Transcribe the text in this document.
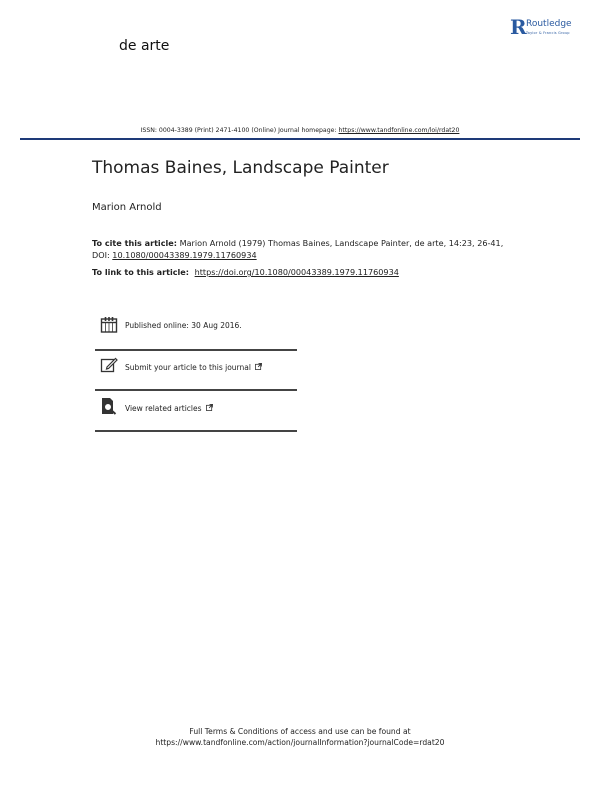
de arte
R Routledge
Taylor & Francis Group
ISSN: 0004-3389 (Print) 2471-4100 (Online) Journal homepage: https://www.tandfonline.com/loi/rdat20
Thomas Baines, Landscape Painter
Marion Arnold
To cite this article: Marion Arnold (1979) Thomas Baines, Landscape Painter, de arte, 14:23, 26-41, DOI: 10.1080/00043389.1979.11760934
To link to this article: https://doi.org/10.1080/00043389.1979.11760934
Published online: 30 Aug 2016.
Submit your article to this journal
View related articles
Full Terms & Conditions of access and use can be found at
https://www.tandfonline.com/action/journalInformation?journalCode=rdat20
